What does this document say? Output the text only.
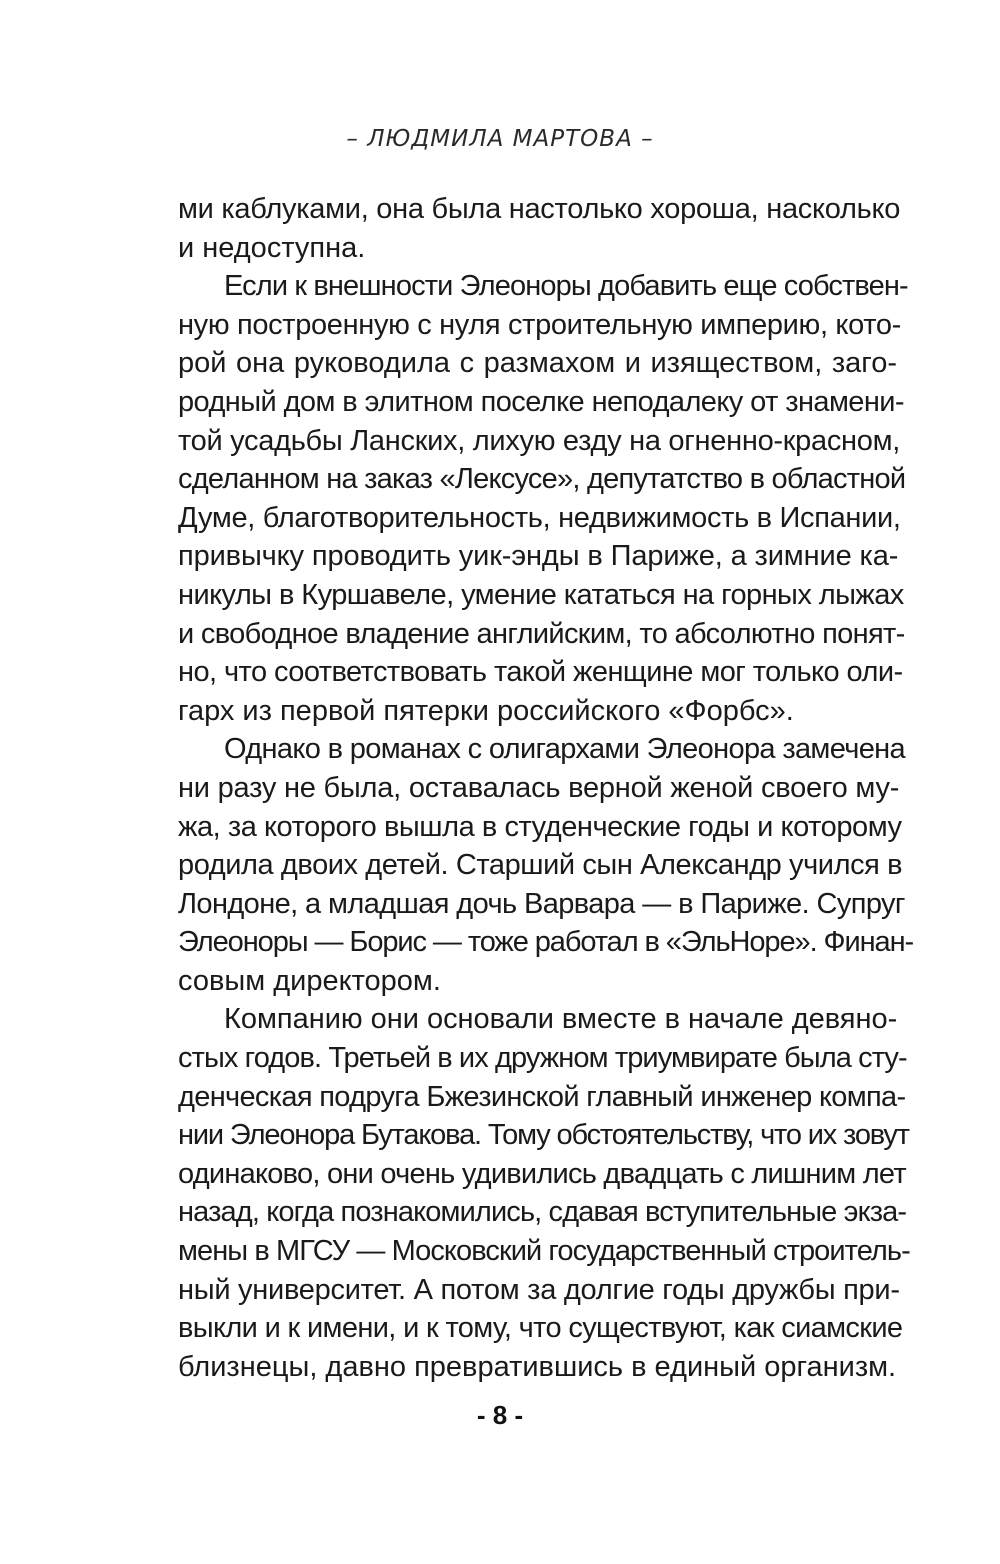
– ЛЮДМИЛА МАРТОВА –
ми каблуками, она была настолько хороша, насколько
и недоступна.
Если к внешности Элеоноры добавить еще собствен-
ную построенную с нуля строительную империю, кото-
рой она руководила с размахом и изяществом, заго-
родный дом в элитном поселке неподалеку от знамени-
той усадьбы Ланских, лихую езду на огненно-красном,
сделанном на заказ «Лексусе», депутатство в областной
Думе, благотворительность, недвижимость в Испании,
привычку проводить уик-энды в Париже, а зимние ка-
никулы в Куршавеле, умение кататься на горных лыжах
и свободное владение английским, то абсолютно понят-
но, что соответствовать такой женщине мог только оли-
гарх из первой пятерки российского «Форбс».
Однако в романах с олигархами Элеонора замечена
ни разу не была, оставалась верной женой своего му-
жа, за которого вышла в студенческие годы и которому
родила двоих детей. Старший сын Александр учился в
Лондоне, а младшая дочь Варвара — в Париже. Супруг
Элеоноры — Борис — тоже работал в «ЭльНоре». Финан-
совым директором.
Компанию они основали вместе в начале девяно-
стых годов. Третьей в их дружном триумвирате была сту-
денческая подруга Бжезинской главный инженер компа-
нии Элеонора Бутакова. Тому обстоятельству, что их зовут
одинаково, они очень удивились двадцать с лишним лет
назад, когда познакомились, сдавая вступительные экза-
мены в МГСУ — Московский государственный строитель-
ный университет. А потом за долгие годы дружбы при-
выкли и к имени, и к тому, что существуют, как сиамские
близнецы, давно превратившись в единый организм.
- 8 -
